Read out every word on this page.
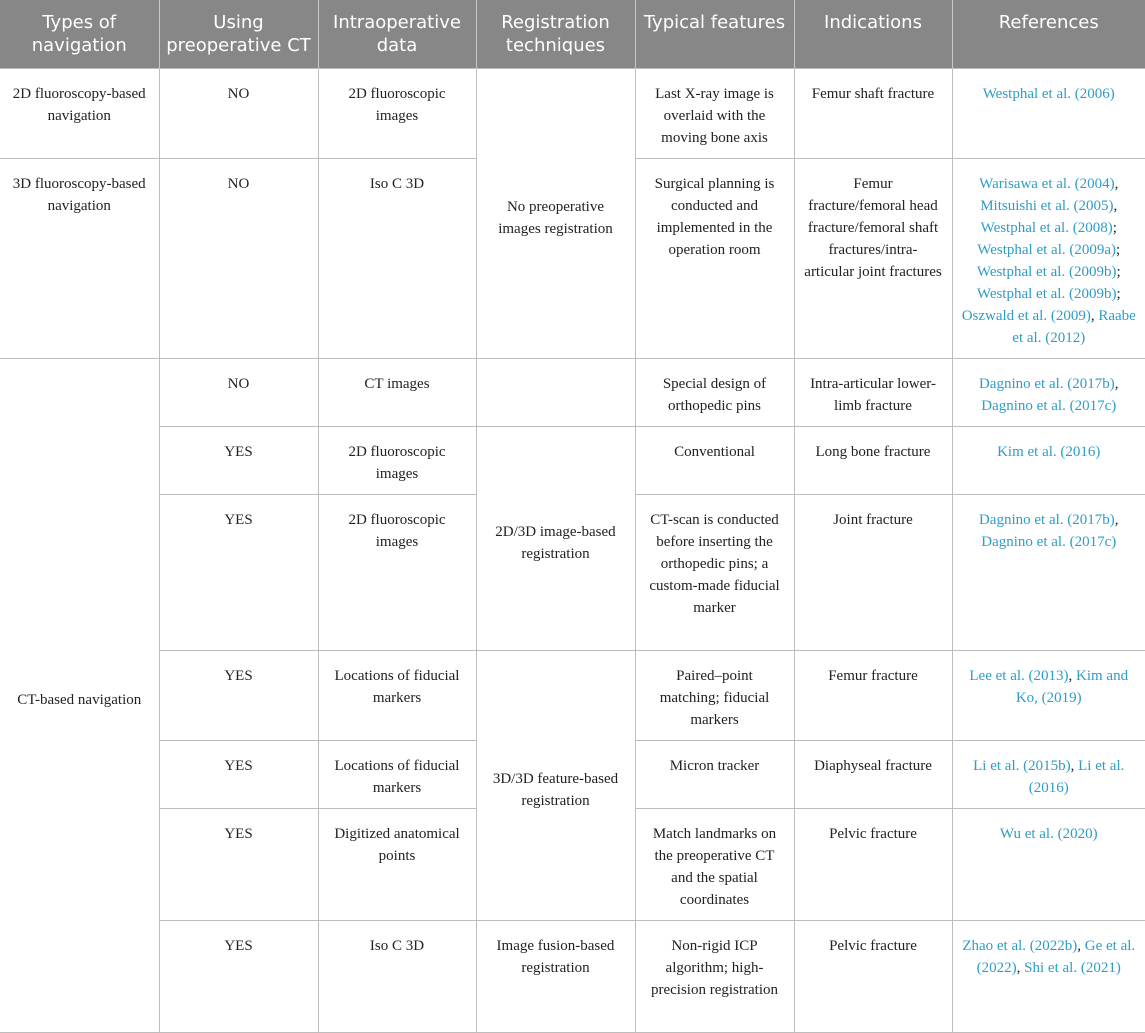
Types of navigation	Using preoperative CT	Intraoperative data	Registration techniques	Typical features	Indications	References
2D fluoroscopy-based navigation	NO	2D fluoroscopic images	No preoperative images registration	Last X-ray image is overlaid with the moving bone axis	Femur shaft fracture	Westphal et al. (2006)
3D fluoroscopy-based navigation	NO	Iso C 3D		Surgical planning is conducted and implemented in the operation room	Femur fracture/femoral head fracture/femoral shaft fractures/intra-articular joint fractures	Warisawa et al. (2004), Mitsuishi et al. (2005), Westphal et al. (2008); Westphal et al. (2009a); Westphal et al. (2009b); Westphal et al. (2009b); Oszwald et al. (2009), Raabe et al. (2012)
CT-based navigation	NO	CT images		Special design of orthopedic pins	Intra-articular lower-limb fracture	Dagnino et al. (2017b), Dagnino et al. (2017c)
	YES	2D fluoroscopic images	2D/3D image-based registration	Conventional	Long bone fracture	Kim et al. (2016)
	YES	2D fluoroscopic images		CT-scan is conducted before inserting the orthopedic pins; a custom-made fiducial marker	Joint fracture	Dagnino et al. (2017b), Dagnino et al. (2017c)
	YES	Locations of fiducial markers	3D/3D feature-based registration	Paired–point matching; fiducial markers	Femur fracture	Lee et al. (2013), Kim and Ko, (2019)
	YES	Locations of fiducial markers		Micron tracker	Diaphyseal fracture	Li et al. (2015b), Li et al. (2016)
	YES	Digitized anatomical points		Match landmarks on the preoperative CT and the spatial coordinates	Pelvic fracture	Wu et al. (2020)
	YES	Iso C 3D	Image fusion-based registration	Non-rigid ICP algorithm; high-precision registration	Pelvic fracture	Zhao et al. (2022b), Ge et al. (2022), Shi et al. (2021)
